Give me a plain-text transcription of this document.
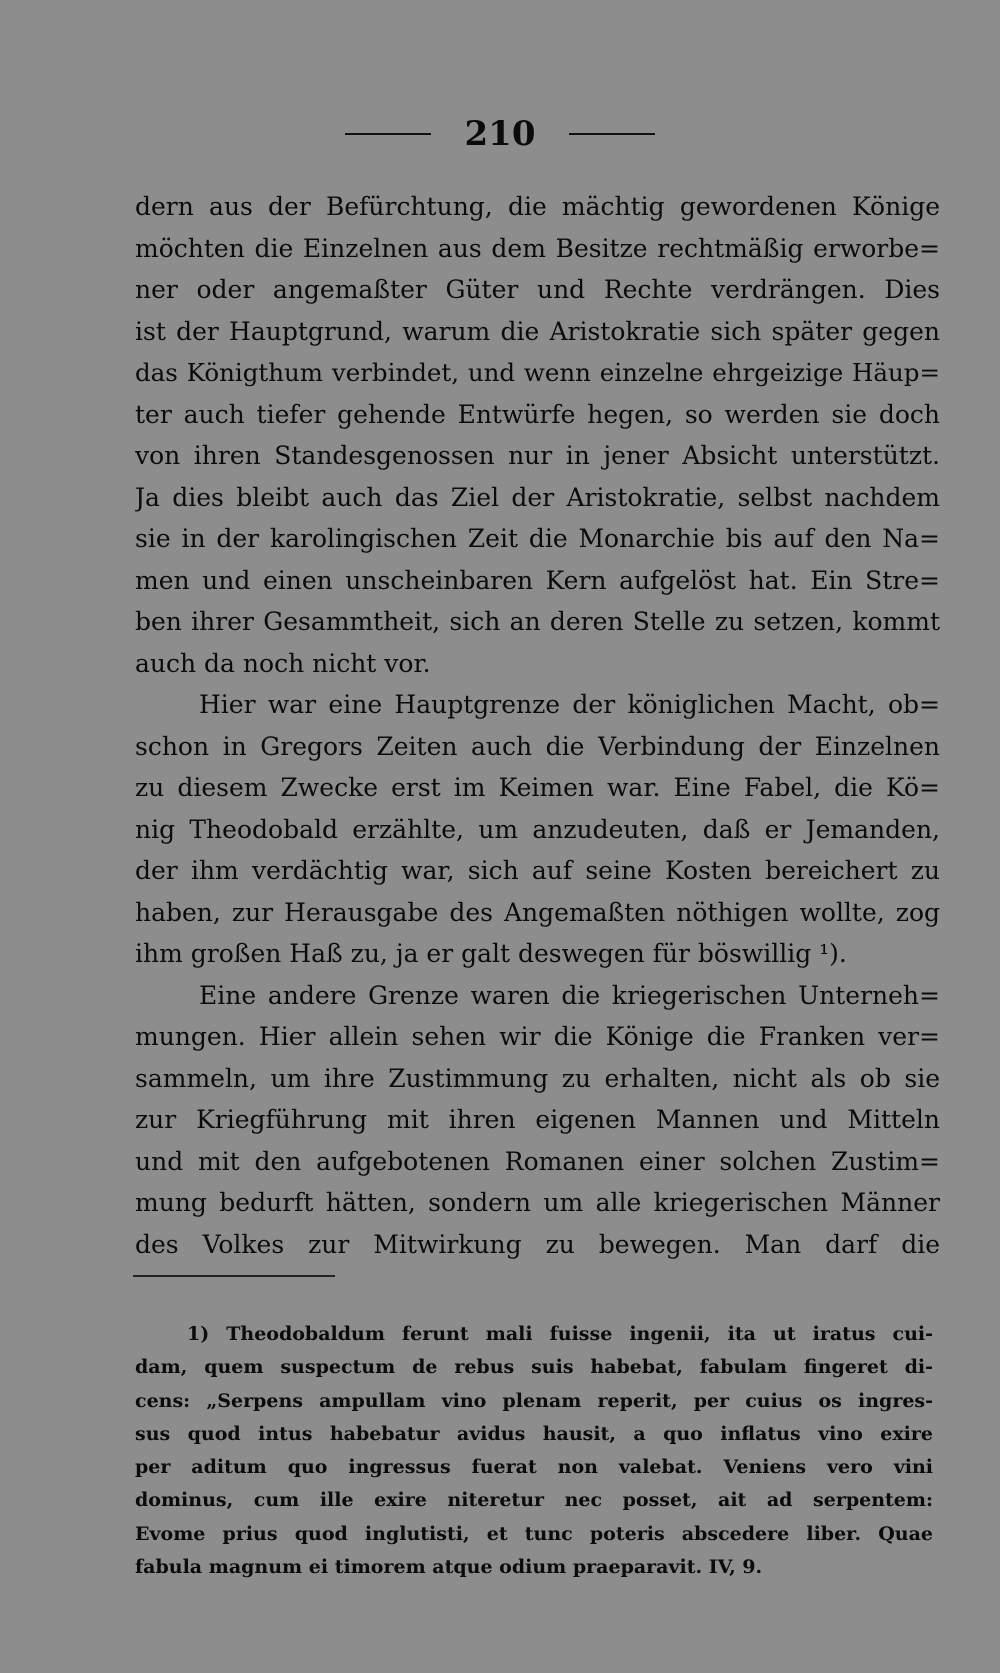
210
dern aus der Befürchtung, die mächtig gewordenen Könige
möchten die Einzelnen aus dem Besitze rechtmäßig erworbe=
ner oder angemaßter Güter und Rechte verdrängen. Dies
ist der Hauptgrund, warum die Aristokratie sich später gegen
das Königthum verbindet, und wenn einzelne ehrgeizige Häup=
ter auch tiefer gehende Entwürfe hegen, so werden sie doch
von ihren Standesgenossen nur in jener Absicht unterstützt.
Ja dies bleibt auch das Ziel der Aristokratie, selbst nachdem
sie in der karolingischen Zeit die Monarchie bis auf den Na=
men und einen unscheinbaren Kern aufgelöst hat. Ein Stre=
ben ihrer Gesammtheit, sich an deren Stelle zu setzen, kommt
auch da noch nicht vor.
Hier war eine Hauptgrenze der königlichen Macht, ob=
schon in Gregors Zeiten auch die Verbindung der Einzelnen
zu diesem Zwecke erst im Keimen war. Eine Fabel, die Kö=
nig Theodobald erzählte, um anzudeuten, daß er Jemanden,
der ihm verdächtig war, sich auf seine Kosten bereichert zu
haben, zur Herausgabe des Angemaßten nöthigen wollte, zog
ihm großen Haß zu, ja er galt deswegen für böswillig ¹).
Eine andere Grenze waren die kriegerischen Unterneh=
mungen. Hier allein sehen wir die Könige die Franken ver=
sammeln, um ihre Zustimmung zu erhalten, nicht als ob sie
zur Kriegführung mit ihren eigenen Mannen und Mitteln
und mit den aufgebotenen Romanen einer solchen Zustim=
mung bedurft hätten, sondern um alle kriegerischen Männer
des Volkes zur Mitwirkung zu bewegen. Man darf die
1) Theodobaldum ferunt mali fuisse ingenii, ita ut iratus cui-
dam, quem suspectum de rebus suis habebat, fabulam fingeret di-
cens: „Serpens ampullam vino plenam reperit, per cuius os ingres-
sus quod intus habebatur avidus hausit, a quo inflatus vino exire
per aditum quo ingressus fuerat non valebat. Veniens vero vini
dominus, cum ille exire niteretur nec posset, ait ad serpentem:
Evome prius quod inglutisti, et tunc poteris abscedere liber. Quae
fabula magnum ei timorem atque odium praeparavit. IV, 9.
